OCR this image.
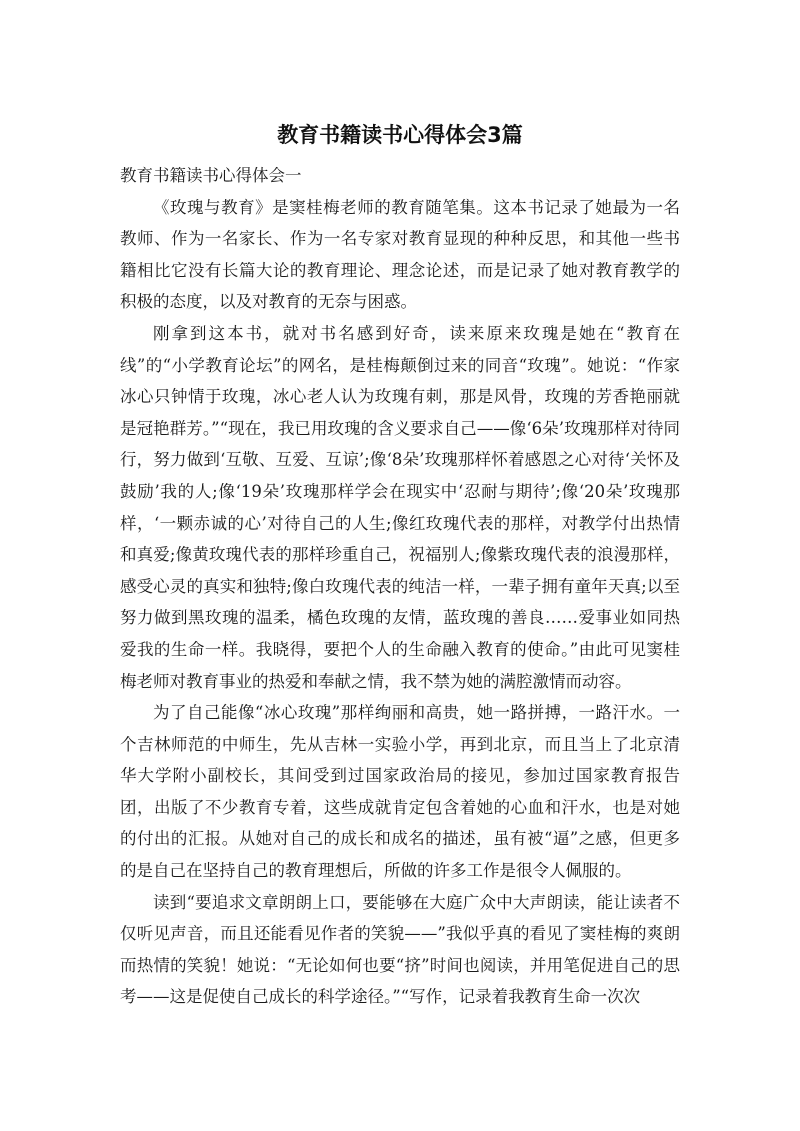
教育书籍读书心得体会3篇

教育书籍读书心得体会一

《玫瑰与教育》是窦桂梅老师的教育随笔集。这本书记录了她最为一名教师、作为一名家长、作为一名专家对教育显现的种种反思，和其他一些书籍相比它没有长篇大论的教育理论、理念论述，而是记录了她对教育教学的积极的态度，以及对教育的无奈与困惑。

刚拿到这本书，就对书名感到好奇，读来原来玫瑰是她在“教育在线”的“小学教育论坛”的网名，是桂梅颠倒过来的同音“玫瑰”。她说：“作家冰心只钟情于玫瑰，冰心老人认为玫瑰有刺，那是风骨，玫瑰的芳香艳丽就是冠艳群芳。”“现在，我已用玫瑰的含义要求自己——像‘6朵’玫瑰那样对待同行，努力做到‘互敬、互爱、互谅’;像‘8朵’玫瑰那样怀着感恩之心对待‘关怀及鼓励’我的人;像‘19朵’玫瑰那样学会在现实中‘忍耐与期待’;像‘20朵’玫瑰那样，‘一颗赤诚的心’对待自己的人生;像红玫瑰代表的那样，对教学付出热情和真爱;像黄玫瑰代表的那样珍重自己，祝福别人;像紫玫瑰代表的浪漫那样，感受心灵的真实和独特;像白玫瑰代表的纯洁一样，一辈子拥有童年天真;以至努力做到黑玫瑰的温柔，橘色玫瑰的友情，蓝玫瑰的善良……爱事业如同热爱我的生命一样。我晓得，要把个人的生命融入教育的使命。”由此可见窦桂梅老师对教育事业的热爱和奉献之情，我不禁为她的满腔激情而动容。

为了自己能像“冰心玫瑰”那样绚丽和高贵，她一路拼搏，一路汗水。一个吉林师范的中师生，先从吉林一实验小学，再到北京，而且当上了北京清华大学附小副校长，其间受到过国家政治局的接见，参加过国家教育报告团，出版了不少教育专着，这些成就肯定包含着她的心血和汗水，也是对她的付出的汇报。从她对自己的成长和成名的描述，虽有被“逼”之感，但更多的是自己在坚持自己的教育理想后，所做的许多工作是很令人佩服的。

读到“要追求文章朗朗上口，要能够在大庭广众中大声朗读，能让读者不仅听见声音，而且还能看见作者的笑貌——”我似乎真的看见了窦桂梅的爽朗而热情的笑貌！她说：“无论如何也要“挤”时间也阅读，并用笔促进自己的思考——这是促使自己成长的科学途径。”“写作，记录着我教育生命一次次
